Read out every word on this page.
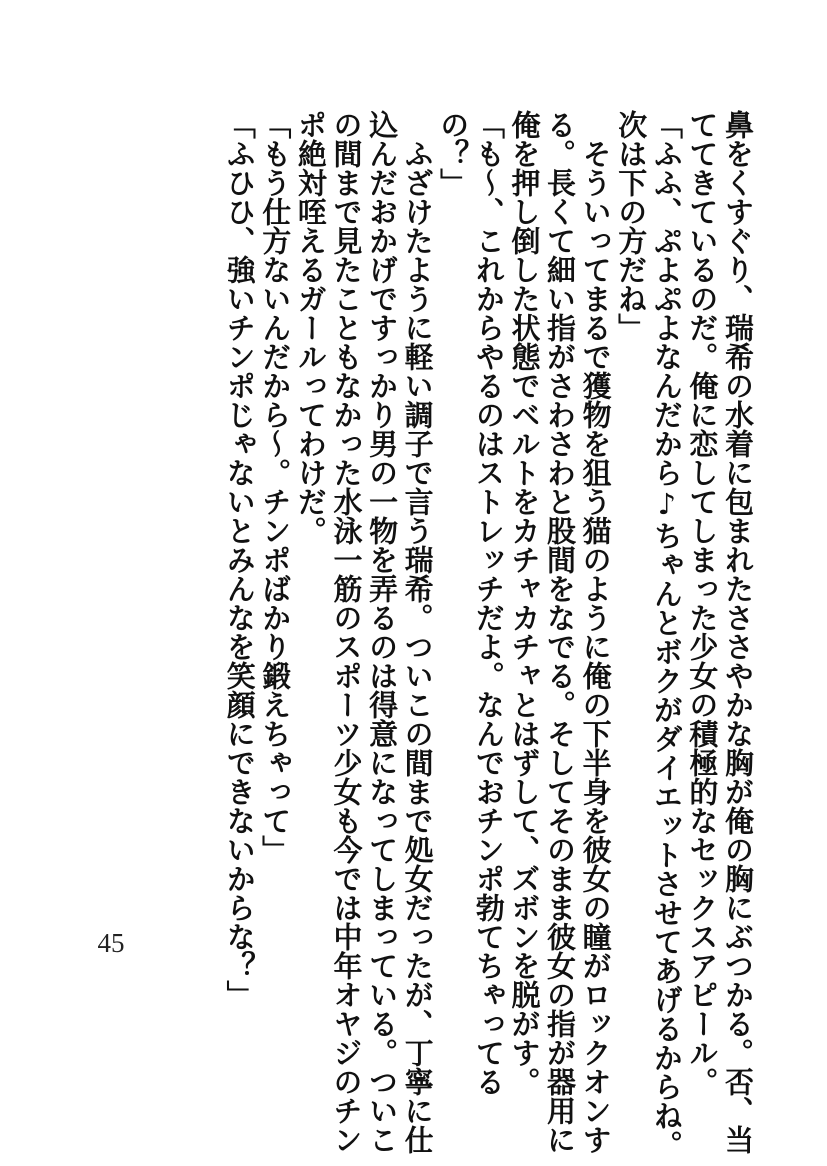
鼻をくすぐり、瑞希の水着に包まれたささやかな胸が俺の胸にぶつかる。否、当
ててきているのだ。俺に恋してしまった少女の積極的なセックスアピール。
「ふふ、ぷよぷよなんだから♪ちゃんとボクがダイエットさせてあげるからね。
次は下の方だね」
　そういってまるで獲物を狙う猫のように俺の下半身を彼女の瞳がロックオンす
る。長くて細い指がさわさわと股間をなでる。そしてそのまま彼女の指が器用に
俺を押し倒した状態でベルトをカチャカチャとはずして、ズボンを脱がす。
「も～、これからやるのはストレッチだよ。なんでおチンポ勃てちゃってる
の？」
　ふざけたように軽い調子で言う瑞希。ついこの間まで処女だったが、丁寧に仕
込んだおかげですっかり男の一物を弄るのは得意になってしまっている。ついこ
の間まで見たこともなかった水泳一筋のスポーツ少女も今では中年オヤジのチン
ポ絶対咥えるガールってわけだ。
「もう仕方ないんだから～。チンポばかり鍛えちゃって」
「ふひひ、強いチンポじゃないとみんなを笑顔にできないからな？」
45
